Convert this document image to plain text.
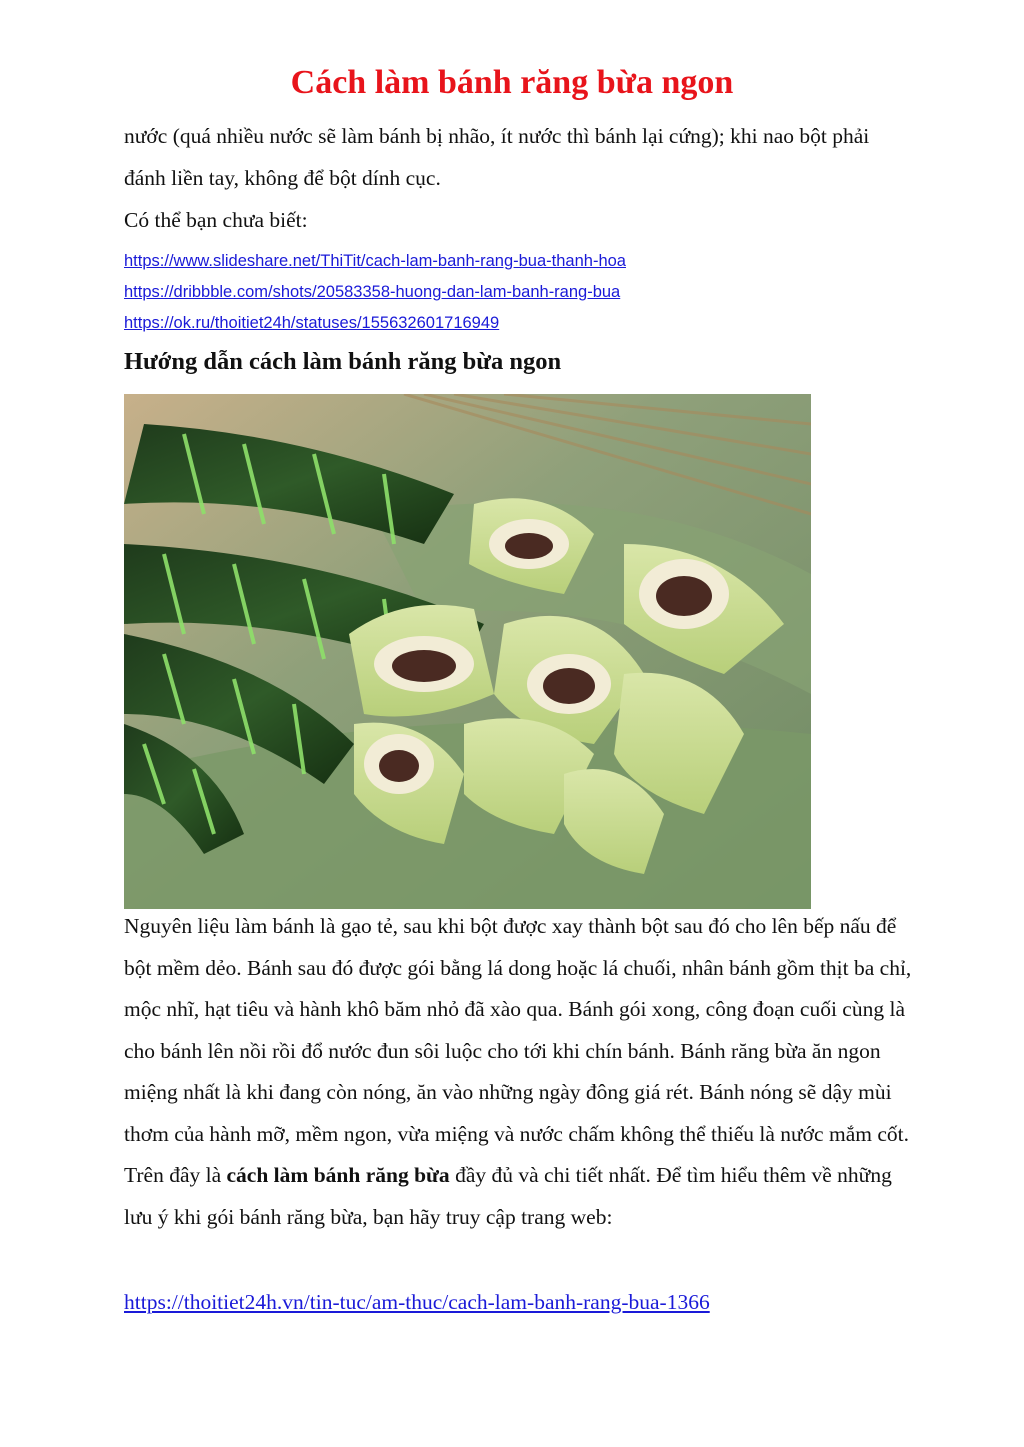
Cách làm bánh răng bừa ngon

nước (quá nhiều nước sẽ làm bánh bị nhão, ít nước thì bánh lại cứng); khi nao bột phải đánh liền tay, không để bột dính cục.

Có thể bạn chưa biết:

https://www.slideshare.net/ThiTit/cach-lam-banh-rang-bua-thanh-hoa
https://dribbble.com/shots/20583358-huong-dan-lam-banh-rang-bua
https://ok.ru/thoitiet24h/statuses/155632601716949
Hướng dẫn cách làm bánh răng bừa ngon

Nguyên liệu làm bánh là gạo tẻ, sau khi bột được xay thành bột sau đó cho lên bếp nấu để bột mềm dẻo. Bánh sau đó được gói bằng lá dong hoặc lá chuối, nhân bánh gồm thịt ba chỉ, mộc nhĩ, hạt tiêu và hành khô băm nhỏ đã xào qua. Bánh gói xong, công đoạn cuối cùng là cho bánh lên nồi rồi đổ nước đun sôi luộc cho tới khi chín bánh. Bánh răng bừa ăn ngon miệng nhất là khi đang còn nóng, ăn vào những ngày đông giá rét. Bánh nóng sẽ dậy mùi thơm của hành mỡ, mềm ngon, vừa miệng và nước chấm không thể thiếu là nước mắm cốt. Trên đây là cách làm bánh răng bừa đầy đủ và chi tiết nhất. Để tìm hiểu thêm về những lưu ý khi gói bánh răng bừa, bạn hãy truy cập trang web:

https://thoitiet24h.vn/tin-tuc/am-thuc/cach-lam-banh-rang-bua-1366
